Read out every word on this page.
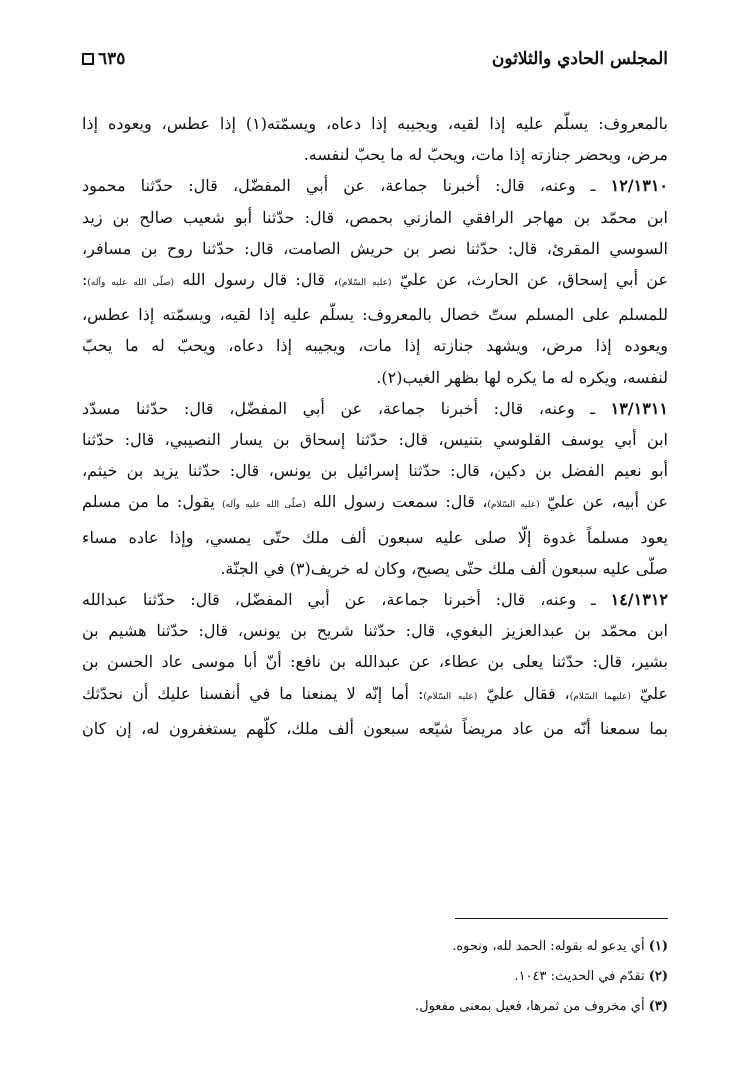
المجلس الحادي والثلاثون
٦٣٥
بالمعروف: يسلّم عليه إذا لقيه، ويجيبه إذا دعاه، ويسمّته(١) إذا عطس، ويعوده إذا
مرض، ويحضر جنازته إذا مات، ويحبّ له ما يحبّ لنفسه.
١٢/١٣١٠ ـ وعنه، قال: أخبرنا جماعة، عن أبي المفضّل، قال: حدّثنا محمود
ابن محمّد بن مهاجر الرافقي المازني بحمص، قال: حدّثنا أبو شعيب صالح بن زيد
السوسي المقرئ، قال: حدّثنا نصر بن حريش الصامت، قال: حدّثنا روح بن مسافر،
عن أبي إسحاق، عن الحارث، عن عليّ (عليه السّلام)، قال: قال رسول الله (صلّى الله عليه وآله):
للمسلم على المسلم ستّ خصال بالمعروف: يسلّم عليه إذا لقيه، ويسمّته إذا عطس،
ويعوده إذا مرض، ويشهد جنازته إذا مات، ويجيبه إذا دعاه، ويحبّ له ما يحبّ
لنفسه، ويكره له ما يكره لها بظهر الغيب(٢).
١٣/١٣١١ ـ وعنه، قال: أخبرنا جماعة، عن أبي المفضّل، قال: حدّثنا مسدّد
ابن أبي يوسف القلوسي بتنيس، قال: حدّثنا إسحاق بن يسار النصيبي، قال: حدّثنا
أبو نعيم الفضل بن دكين، قال: حدّثنا إسرائيل بن يونس، قال: حدّثنا يزيد بن خيثم،
عن أبيه، عن عليّ (عليه السّلام)، قال: سمعت رسول الله (صلّى الله عليه وآله) يقول: ما من مسلم
يعود مسلماً غدوة إلّا صلى عليه سبعون ألف ملك حتّى يمسي، وإذا عاده مساء
صلّى عليه سبعون ألف ملك حتّى يصبح، وكان له خريف(٣) في الجنّة.
١٤/١٣١٢ ـ وعنه، قال: أخبرنا جماعة، عن أبي المفضّل، قال: حدّثنا عبدالله
ابن محمّد بن عبدالعزيز البغوي، قال: حدّثنا شريح بن يونس، قال: حدّثنا هشيم بن
بشير، قال: حدّثنا يعلى بن عطاء، عن عبدالله بن نافع: أنّ أبا موسى عاد الحسن بن
عليّ (عليهما السّلام)، فقال عليّ (عليه السّلام): أما إنّه لا يمنعنا ما في أنفسنا عليك أن نحدّثك
بما سمعنا أنّه من عاد مريضاً شيّعه سبعون ألف ملك، كلّهم يستغفرون له، إن كان
(١) أي يدعو له بقوله: الحمد لله، ونحوه.
(٢) تقدّم في الحديث: ١٠٤٣.
(٣) أي مخروف من ثمرها، فعيل بمعنى مفعول.
